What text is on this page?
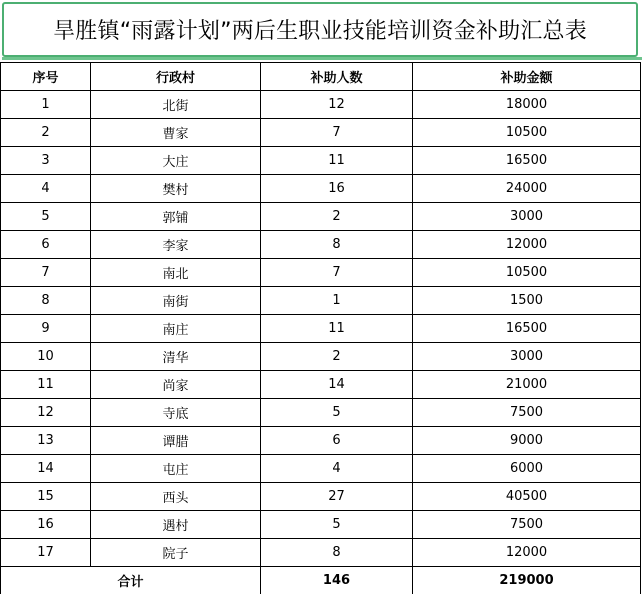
旱胜镇“雨露计划”两后生职业技能培训资金补助汇总表
序号	行政村	补助人数	补助金额
1	北街	12	18000
2	曹家	7	10500
3	大庄	11	16500
4	樊村	16	24000
5	郭铺	2	3000
6	李家	8	12000
7	南北	7	10500
8	南街	1	1500
9	南庄	11	16500
10	清华	2	3000
11	尚家	14	21000
12	寺底	5	7500
13	谭腊	6	9000
14	屯庄	4	6000
15	西头	27	40500
16	遇村	5	7500
17	院子	8	12000
合计		146	219000
